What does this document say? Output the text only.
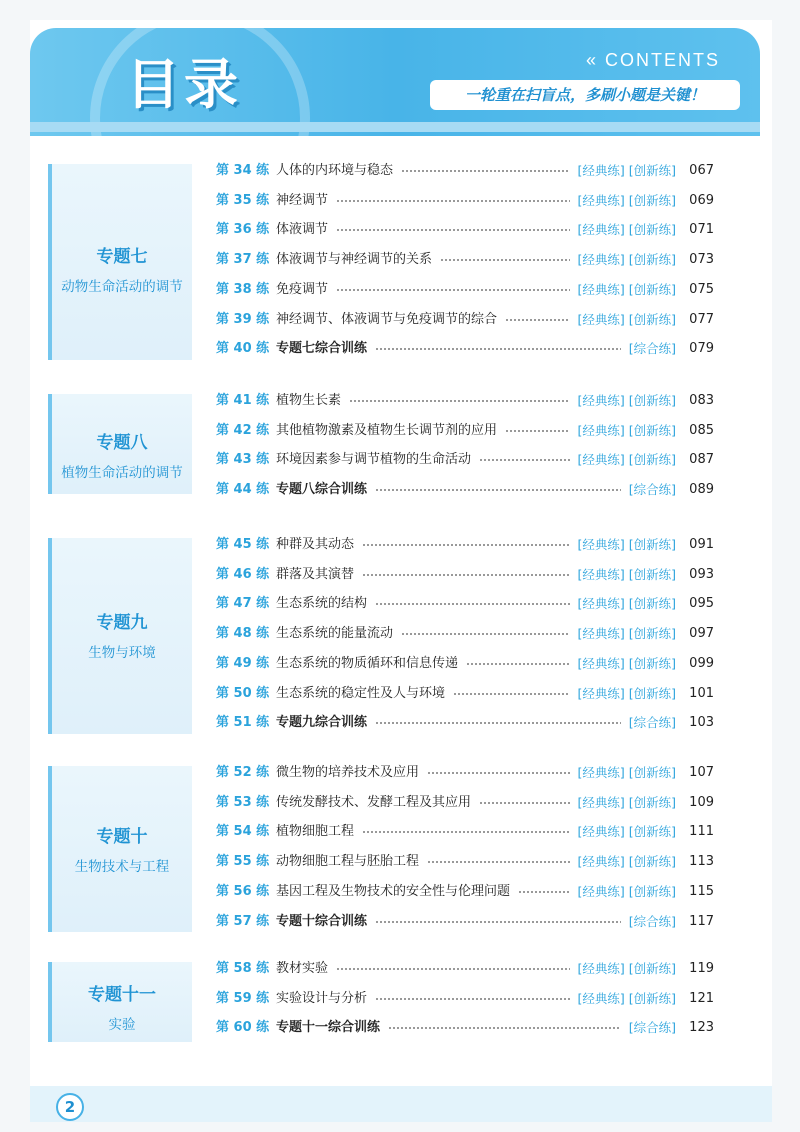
目录	« CONTENTS
一轮重在扫盲点，多刷小题是关键！
专题七
动物生命活动的调节
第 34 练 人体的内环境与稳态	[经典练] [创新练]	067
第 35 练 神经调节	[经典练] [创新练]	069
第 36 练 体液调节	[经典练] [创新练]	071
第 37 练 体液调节与神经调节的关系	[经典练] [创新练]	073
第 38 练 免疫调节	[经典练] [创新练]	075
第 39 练 神经调节、体液调节与免疫调节的综合	[经典练] [创新练]	077
第 40 练 专题七综合训练	[综合练]	079
专题八
植物生命活动的调节
第 41 练 植物生长素	[经典练] [创新练]	083
第 42 练 其他植物激素及植物生长调节剂的应用	[经典练] [创新练]	085
第 43 练 环境因素参与调节植物的生命活动	[经典练] [创新练]	087
第 44 练 专题八综合训练	[综合练]	089
专题九
生物与环境
第 45 练 种群及其动态	[经典练] [创新练]	091
第 46 练 群落及其演替	[经典练] [创新练]	093
第 47 练 生态系统的结构	[经典练] [创新练]	095
第 48 练 生态系统的能量流动	[经典练] [创新练]	097
第 49 练 生态系统的物质循环和信息传递	[经典练] [创新练]	099
第 50 练 生态系统的稳定性及人与环境	[经典练] [创新练]	101
第 51 练 专题九综合训练	[综合练]	103
专题十
生物技术与工程
第 52 练 微生物的培养技术及应用	[经典练] [创新练]	107
第 53 练 传统发酵技术、发酵工程及其应用	[经典练] [创新练]	109
第 54 练 植物细胞工程	[经典练] [创新练]	111
第 55 练 动物细胞工程与胚胎工程	[经典练] [创新练]	113
第 56 练 基因工程及生物技术的安全性与伦理问题	[经典练] [创新练]	115
第 57 练 专题十综合训练	[综合练]	117
专题十一
实验
第 58 练 教材实验	[经典练] [创新练]	119
第 59 练 实验设计与分析	[经典练] [创新练]	121
第 60 练 专题十一综合训练	[综合练]	123
2
